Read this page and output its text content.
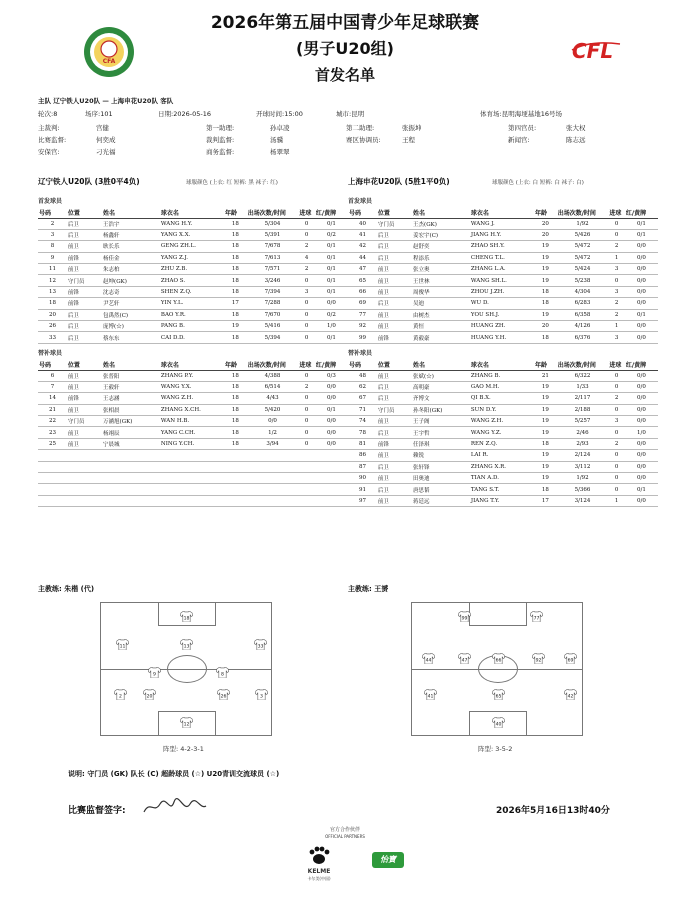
CFA
2026年第五届中国青少年足球联赛
(男子U20组)
首发名单
CFL
主队 辽宁铁人U20队 — 上海申花U20队 客队
轮次:8	场序:101	日期:2026-05-16	开球时间:15:00	城市:昆明	体育场:昆明海埂基地16号场
主裁判:	宫健	第一助理:	孙卓凌	第二助理:	张振坤	第四官员:	张大权
比赛监督:	何奕成	裁判监督:	汤骥	赛区协调员:	王程	新闻官:	陈志远
安保官:	刁光福	商务监督:	杨翠翠
辽宁铁人U20队 (3胜0平4负)	球服颜色 (上衣: 红 短裤: 黑 袜子: 红)
首发球员
号码	位置	姓名	球衣名	年龄	出场次数/时间	进球	红/黄牌
2	后卫	王浩宇	WANG H.Y.	18	5/304	0	0/1
3	后卫	杨鑫轩	YANG X.X.	18	5/391	0	0/2
8	前卫	耿长乐	GENG ZH.L.	18	7/678	2	0/1
9	前锋	杨佳金	YANG Z.J.	18	7/613	4	0/1
11	前卫	朱志柏	ZHU Z.B.	18	7/571	2	0/1
12	守门员	赵坤(GK)	ZHAO S.	18	3/246	0	0/1
13	前锋	沈志奇	SHEN Z.Q.	18	7/394	3	0/1
18	前锋	尹艺轩	YIN Y.L.	17	7/288	0	0/0
20	后卫	包禹然(C)	BAO Y.R.	18	7/670	0	0/2
26	后卫	庞博(☆)	PANG B.	19	5/416	0	1/0
33	后卫	蔡东东	CAI D.D.	18	5/394	0	0/1
替补球员
号码	位置	姓名	球衣名	年龄	出场次数/时间	进球	红/黄牌
6	前卫	张普阳	ZHANG P.Y.	18	4/388	0	0/3
7	前卫	王毅轩	WANG Y.X.	18	6/514	2	0/0
14	前锋	王志涵	WANG Z.H.	18	4/43	0	0/0
21	前卫	张相晨	ZHANG X.CH.	18	5/420	0	0/1
22	守门员	万涵旭(GK)	WAN H.B.	18	0/0	0	0/0
23	前卫	杨翊辰	YANG C.CH.	18	1/2	0	0/0
25	前卫	宁晨城	NING Y.CH.	18	3/94	0	0/0

上海申花U20队 (5胜1平0负)	球服颜色 (上衣: 白 短裤: 白 袜子: 白)
首发球员
号码	位置	姓名	球衣名	年龄	出场次数/时间	进球	红/黄牌
40	守门员	王杰(GK)	WANG J.	20	1/92	0	0/1
41	后卫	姜宏宇(C)	JIANG H.Y.	20	5/426	0	0/1
42	后卫	赵舒奕	ZHAO SH.Y.	19	5/472	2	0/0
44	后卫	程添乐	CHENG T.L.	19	5/472	1	0/0
47	前卫	张立奥	ZHANG L.A.	19	5/424	3	0/0
65	前卫	王世林	WANG SH.L.	19	5/238	0	0/0
66	前卫	周俊华	ZHOU J.ZH.	18	4/304	3	0/0
69	后卫	吴迪	WU D.	18	6/283	2	0/0
77	前卫	由树杰	YOU SH.J.	19	6/358	2	0/1
92	前卫	黄恒	HUANG ZH.	20	4/126	1	0/0
99	前锋	黄毅豪	HUANG Y.H.	18	6/376	3	0/0
替补球员
号码	位置	姓名	球衣名	年龄	出场次数/时间	进球	红/黄牌
48	前卫	张斌(☆)	ZHANG B.	21	6/322	0	0/0
62	后卫	高明豪	GAO M.H.	19	1/33	0	0/0
67	后卫	齐博文	QI B.X.	19	2/117	2	0/0
71	守门员	孙冬阳(GK)	SUN D.Y.	19	2/188	0	0/0
74	前卫	王子阁	WANG Z.H.	19	5/257	3	0/0
78	后卫	王宇哲	WANG Y.Z.	19	2/46	0	1/0
81	前锋	任泽琪	REN Z.Q.	18	2/93	2	0/0
86	前卫	赖锐	LAI R.	19	2/124	0	0/0
87	后卫	张轩锋	ZHANG X.R.	19	3/112	0	0/0
90	前卫	田奥迪	TIAN A.D.	19	1/92	0	0/0
91	后卫	唐思韬	TANG S.T.	18	5/366	0	0/1
97	前卫	蒋廷远	JIANG T.Y.	17	3/124	1	0/0
主教练: 朱楷 (代)	主教练: 王赟
18
11	13	33
9	8
2	20	26	3
12
99	77
44	47	66	92	69
41	42
65
40
阵型: 4-2-3-1	阵型: 3-5-2
说明: 守门员 (GK) 队长 (C) 超龄球员 (☆) U20青训交流球员 (☆)
比赛监督签字:	2026年5月16日13时40分
官方合作伙伴
OFFICIAL PARTNERS
KELME
卡尔美(中国)
怡寶
